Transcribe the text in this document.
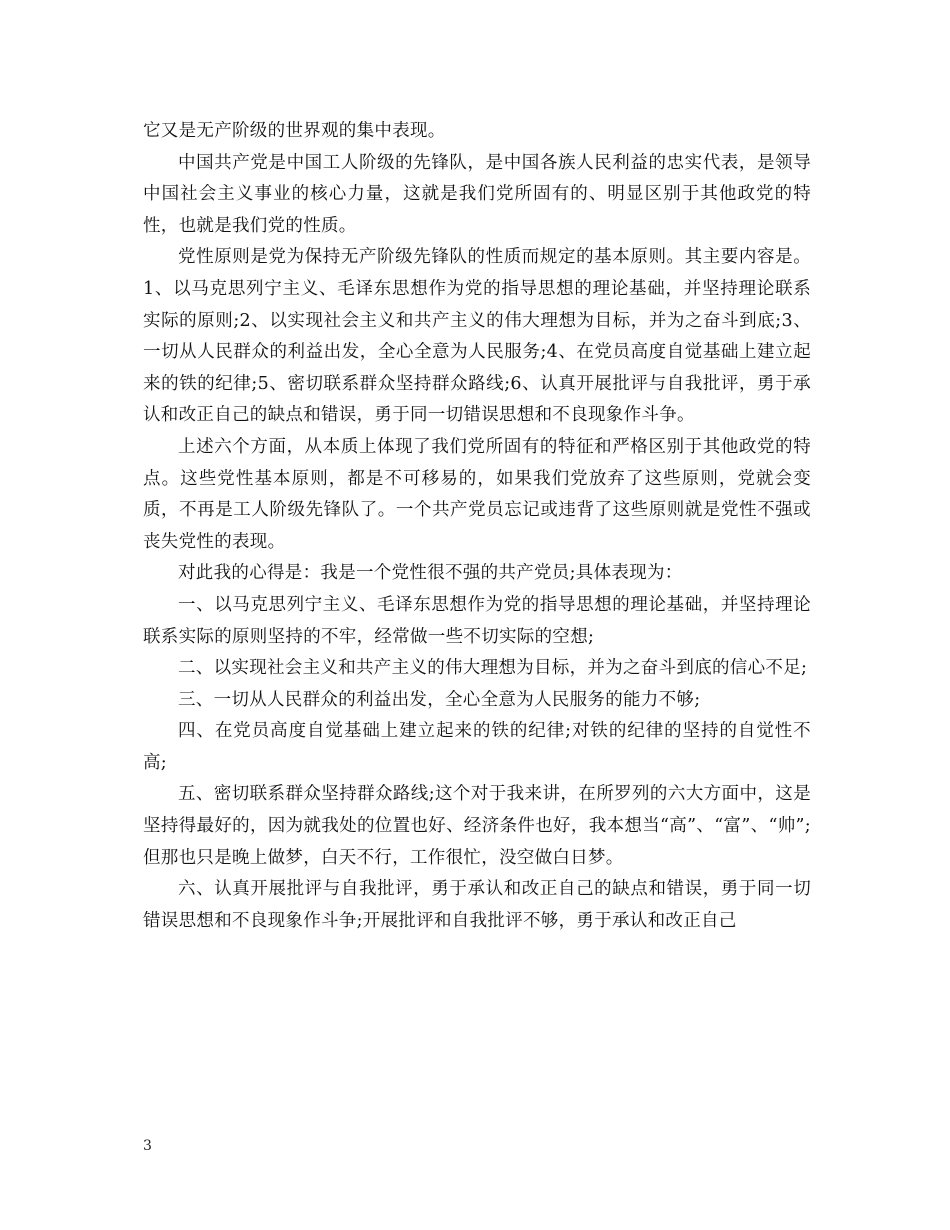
它又是无产阶级的世界观的集中表现。

中国共产党是中国工人阶级的先锋队，是中国各族人民利益的忠实代表，是领导中国社会主义事业的核心力量，这就是我们党所固有的、明显区别于其他政党的特性，也就是我们党的性质。

党性原则是党为保持无产阶级先锋队的性质而规定的基本原则。其主要内容是。1、以马克思列宁主义、毛译东思想作为党的指导思想的理论基础，并坚持理论联系实际的原则;2、以实现社会主义和共产主义的伟大理想为目标，并为之奋斗到底;3、一切从人民群众的利益出发，全心全意为人民服务;4、在党员高度自觉基础上建立起来的铁的纪律;5、密切联系群众坚持群众路线;6、认真开展批评与自我批评，勇于承认和改正自己的缺点和错误，勇于同一切错误思想和不良现象作斗争。

上述六个方面，从本质上体现了我们党所固有的特征和严格区别于其他政党的特点。这些党性基本原则，都是不可移易的，如果我们党放弃了这些原则，党就会变质，不再是工人阶级先锋队了。一个共产党员忘记或违背了这些原则就是党性不强或丧失党性的表现。

对此我的心得是：我是一个党性很不强的共产党员;具体表现为：

一、以马克思列宁主义、毛译东思想作为党的指导思想的理论基础，并坚持理论联系实际的原则坚持的不牢，经常做一些不切实际的空想;

二、以实现社会主义和共产主义的伟大理想为目标，并为之奋斗到底的信心不足;

三、一切从人民群众的利益出发，全心全意为人民服务的能力不够;

四、在党员高度自觉基础上建立起来的铁的纪律;对铁的纪律的坚持的自觉性不高;

五、密切联系群众坚持群众路线;这个对于我来讲，在所罗列的六大方面中，这是坚持得最好的，因为就我处的位置也好、经济条件也好，我本想当“高”、“富”、“帅”;但那也只是晚上做梦，白天不行，工作很忙，没空做白日梦。

六、认真开展批评与自我批评，勇于承认和改正自己的缺点和错误，勇于同一切错误思想和不良现象作斗争;开展批评和自我批评不够，勇于承认和改正自己

3
